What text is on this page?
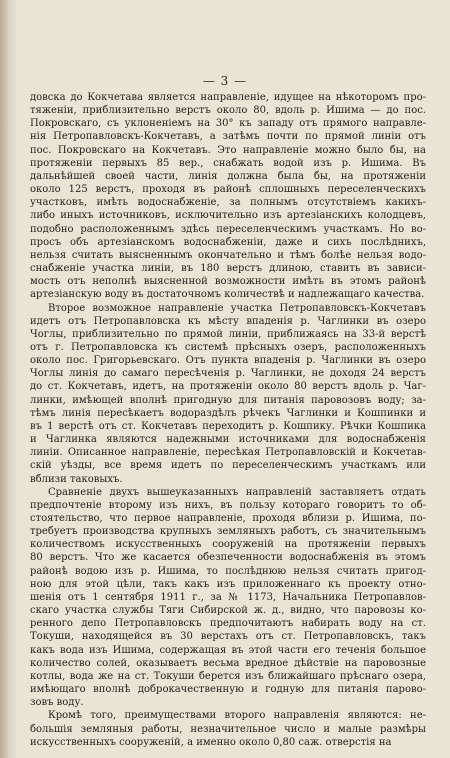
— 3 —
довска до Кокчетава является направленіе, идущее на нѣкоторомъ про-
тяженіи, приблизительно верстъ около 80, вдоль р. Ишима — до пос.
Покровскаго, съ уклоненіемъ на 30° къ западу отъ прямого направле-
нія Петропавловскъ-Кокчетавъ, а затѣмъ почти по прямой линіи отъ
пос. Покровскаго на Кокчетавъ. Это направленіе можно было бы, на
протяженіи первыхъ 85 вер., снабжать водой изъ р. Ишима. Въ
дальнѣйшей своей части, линія должна была бы, на протяженіи
около 125 верстъ, проходя въ районѣ сплошныхъ переселенческихъ
участковъ, имѣть водоснабженіе, за полнымъ отсутствіемъ какихъ-
либо иныхъ источниковъ, исключительно изъ артезіанскихъ колодцевъ,
подобно расположеннымъ здѣсь переселенческимъ участкамъ. Но во-
просъ объ артезіанскомъ водоснабженіи, даже и сихъ послѣднихъ,
нельзя считать выясненнымъ окончательно и тѣмъ болѣе нельзя водо-
снабженіе участка линіи, въ 180 верстъ длиною, ставить въ зависи-
мость отъ неполнѣ выясненной возможности имѣть въ этомъ районѣ
артезіанскую воду въ достаточномъ количествѣ и надлежащаго качества.
Второе возможное направленіе участка Петропавловскъ-Кокчетавъ
идетъ отъ Петропавловска къ мѣсту впаденія р. Чаглинки въ озеро
Чоглы, приблизительно по прямой линіи, приближаясь на 33-й верстѣ
отъ г. Петропавловска къ системѣ прѣсныхъ озеръ, расположенныхъ
около пос. Григорьевскаго. Отъ пункта впаденія р. Чаглинки въ озеро
Чоглы линія до самаго пересѣченія р. Чаглинки, не доходя 24 верстъ
до ст. Кокчетавъ, идетъ, на протяженіи около 80 верстъ вдоль р. Чаг-
линки, имѣющей вполнѣ пригодную для питанія паровозовъ воду; за-
тѣмъ линія пересѣкаетъ водораздѣлъ рѣчекъ Чаглинки и Кошпинки и
въ 1 верстѣ отъ ст. Кокчетавъ переходитъ р. Кошпику. Рѣчки Кошпика
и Чаглинка являются надежными источниками для водоснабженія
линіи. Описанное направленіе, пересѣкая Петропавловскій и Кокчетав-
скій уѣзды, все время идетъ по переселенческимъ участкамъ или
вблизи таковыхъ.
Сравненіе двухъ вышеуказанныхъ направленій заставляетъ отдать
предпочтеніе второму изъ нихъ, въ пользу котораго говоритъ то об-
стоятельство, что первое направленіе, проходя вблизи р. Ишима, по-
требуетъ производства крупныхъ земляныхъ работъ, съ значительнымъ
количествомъ искусственныхъ сооруженій на протяженіи первыхъ
80 верстъ. Что же касается обезпеченности водоснабженія въ этомъ
районѣ водою изъ р. Ишима, то послѣднюю нельзя считать пригод-
ною для этой цѣли, такъ какъ изъ приложеннаго къ проекту отно-
шенія отъ 1 сентября 1911 г., за № 1173, Начальника Петропавлов-
скаго участка службы Тяги Сибирской ж. д., видно, что паровозы ко-
ренного депо Петропавловскъ предпочитаютъ набирать воду на ст.
Токуши, находящейся въ 30 верстахъ отъ ст. Петропавловскъ, такъ
какъ вода изъ Ишима, содержащая въ этой части его теченія большое
количество солей, оказываетъ весьма вредное дѣйствіе на паровозные
котлы, вода же на ст. Токуши берется изъ ближайшаго прѣснаго озера,
имѣющаго вполнѣ доброкачественную и годную для питанія парово-
зовъ воду.
Кромѣ того, преимуществами второго направленія являются: не-
большія земляныя работы, незначительное число и малые размѣры
искусственныхъ сооруженій, а именно около 0,80 саж. отверстія на
